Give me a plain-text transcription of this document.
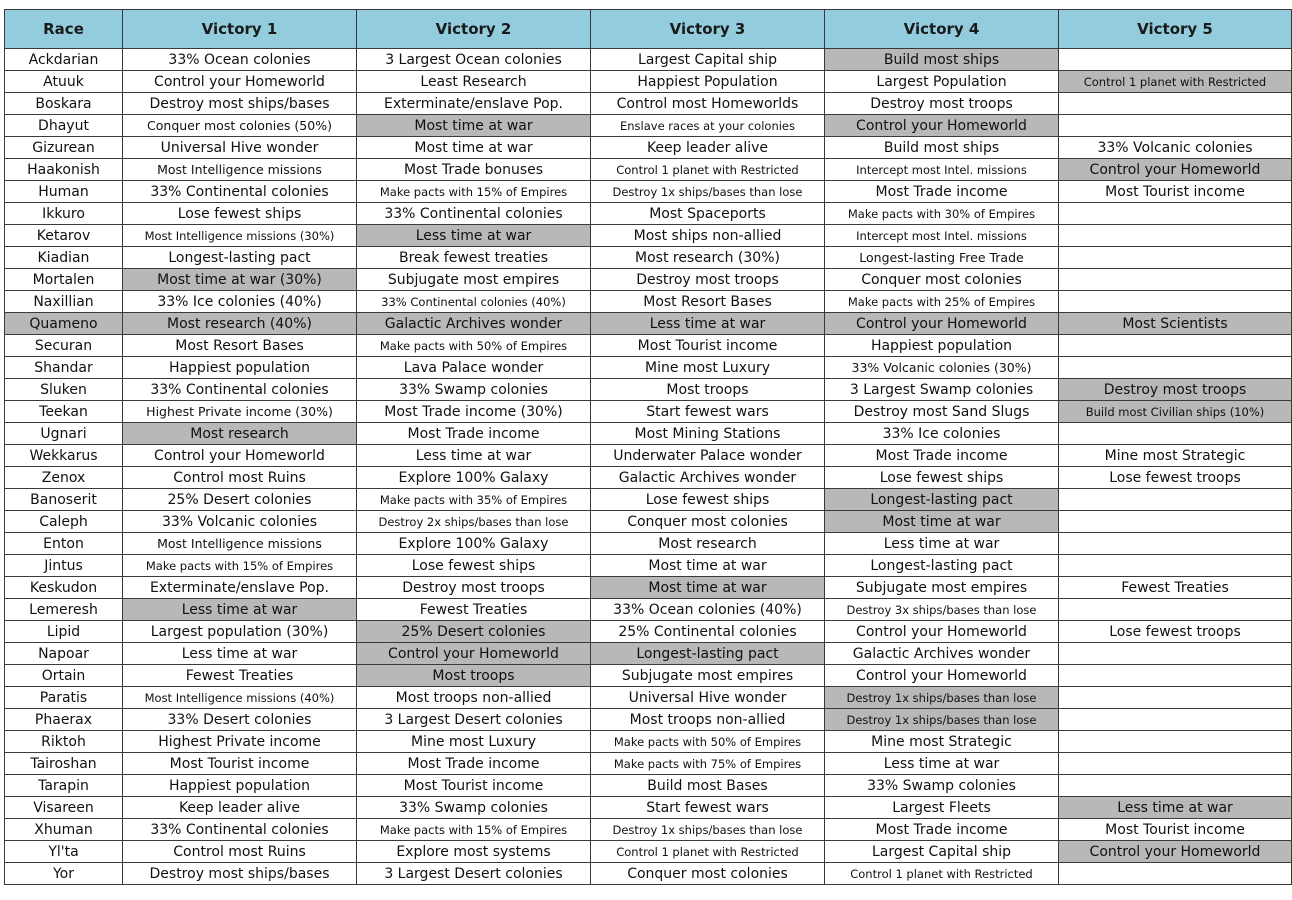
Race	Victory 1	Victory 2	Victory 3	Victory 4	Victory 5
Ackdarian	33% Ocean colonies	3 Largest Ocean colonies	Largest Capital ship	Build most ships	
Atuuk	Control your Homeworld	Least Research	Happiest Population	Largest Population	Control 1 planet with Restricted
Boskara	Destroy most ships/bases	Exterminate/enslave Pop.	Control most Homeworlds	Destroy most troops	
Dhayut	Conquer most colonies (50%)	Most time at war	Enslave races at your colonies	Control your Homeworld	
Gizurean	Universal Hive wonder	Most time at war	Keep leader alive	Build most ships	33% Volcanic colonies
Haakonish	Most Intelligence missions	Most Trade bonuses	Control 1 planet with Restricted	Intercept most Intel. missions	Control your Homeworld
Human	33% Continental colonies	Make pacts with 15% of Empires	Destroy 1x ships/bases than lose	Most Trade income	Most Tourist income
Ikkuro	Lose fewest ships	33% Continental colonies	Most Spaceports	Make pacts with 30% of Empires	
Ketarov	Most Intelligence missions (30%)	Less time at war	Most ships non-allied	Intercept most Intel. missions	
Kiadian	Longest-lasting pact	Break fewest treaties	Most research (30%)	Longest-lasting Free Trade	
Mortalen	Most time at war (30%)	Subjugate most empires	Destroy most troops	Conquer most colonies	
Naxillian	33% Ice colonies (40%)	33% Continental colonies (40%)	Most Resort Bases	Make pacts with 25% of Empires	
Quameno	Most research (40%)	Galactic Archives wonder	Less time at war	Control your Homeworld	Most Scientists
Securan	Most Resort Bases	Make pacts with 50% of Empires	Most Tourist income	Happiest population	
Shandar	Happiest population	Lava Palace wonder	Mine most Luxury	33% Volcanic colonies (30%)	
Sluken	33% Continental colonies	33% Swamp colonies	Most troops	3 Largest Swamp colonies	Destroy most troops
Teekan	Highest Private income (30%)	Most Trade income (30%)	Start fewest wars	Destroy most Sand Slugs	Build most Civilian ships (10%)
Ugnari	Most research	Most Trade income	Most Mining Stations	33% Ice colonies	
Wekkarus	Control your Homeworld	Less time at war	Underwater Palace wonder	Most Trade income	Mine most Strategic
Zenox	Control most Ruins	Explore 100% Galaxy	Galactic Archives wonder	Lose fewest ships	Lose fewest troops
Banoserit	25% Desert colonies	Make pacts with 35% of Empires	Lose fewest ships	Longest-lasting pact	
Caleph	33% Volcanic colonies	Destroy 2x ships/bases than lose	Conquer most colonies	Most time at war	
Enton	Most Intelligence missions	Explore 100% Galaxy	Most research	Less time at war	
Jintus	Make pacts with 15% of Empires	Lose fewest ships	Most time at war	Longest-lasting pact	
Keskudon	Exterminate/enslave Pop.	Destroy most troops	Most time at war	Subjugate most empires	Fewest Treaties
Lemeresh	Less time at war	Fewest Treaties	33% Ocean colonies (40%)	Destroy 3x ships/bases than lose	
Lipid	Largest population (30%)	25% Desert colonies	25% Continental colonies	Control your Homeworld	Lose fewest troops
Napoar	Less time at war	Control your Homeworld	Longest-lasting pact	Galactic Archives wonder	
Ortain	Fewest Treaties	Most troops	Subjugate most empires	Control your Homeworld	
Paratis	Most Intelligence missions (40%)	Most troops non-allied	Universal Hive wonder	Destroy 1x ships/bases than lose	
Phaerax	33% Desert colonies	3 Largest Desert colonies	Most troops non-allied	Destroy 1x ships/bases than lose	
Riktoh	Highest Private income	Mine most Luxury	Make pacts with 50% of Empires	Mine most Strategic	
Tairoshan	Most Tourist income	Most Trade income	Make pacts with 75% of Empires	Less time at war	
Tarapin	Happiest population	Most Tourist income	Build most Bases	33% Swamp colonies	
Visareen	Keep leader alive	33% Swamp colonies	Start fewest wars	Largest Fleets	Less time at war
Xhuman	33% Continental colonies	Make pacts with 15% of Empires	Destroy 1x ships/bases than lose	Most Trade income	Most Tourist income
Yl'ta	Control most Ruins	Explore most systems	Control 1 planet with Restricted	Largest Capital ship	Control your Homeworld
Yor	Destroy most ships/bases	3 Largest Desert colonies	Conquer most colonies	Control 1 planet with Restricted	
